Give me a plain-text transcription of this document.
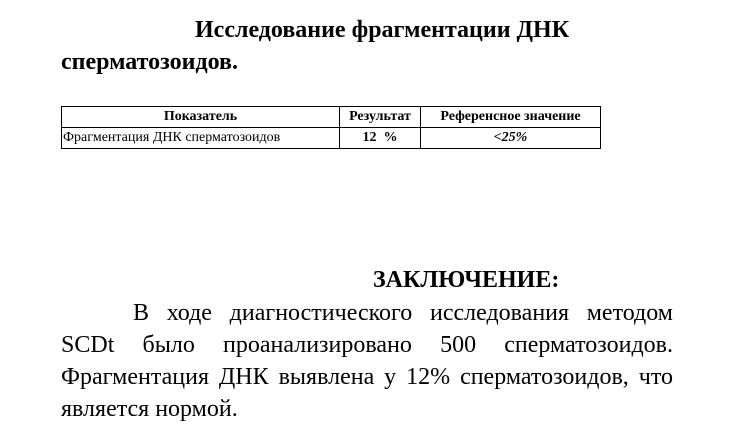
Исследование фрагментации ДНК сперматозоидов.
Показатель	Результат	Референсное значение
Фрагментация ДНК сперматозоидов	12  %	<25%
ЗАКЛЮЧЕНИЕ:

В ходе диагностического исследования методом SCDt было проанализировано 500 сперматозоидов. Фрагментация ДНК выявлена у 12% сперматозоидов, что является нормой.
